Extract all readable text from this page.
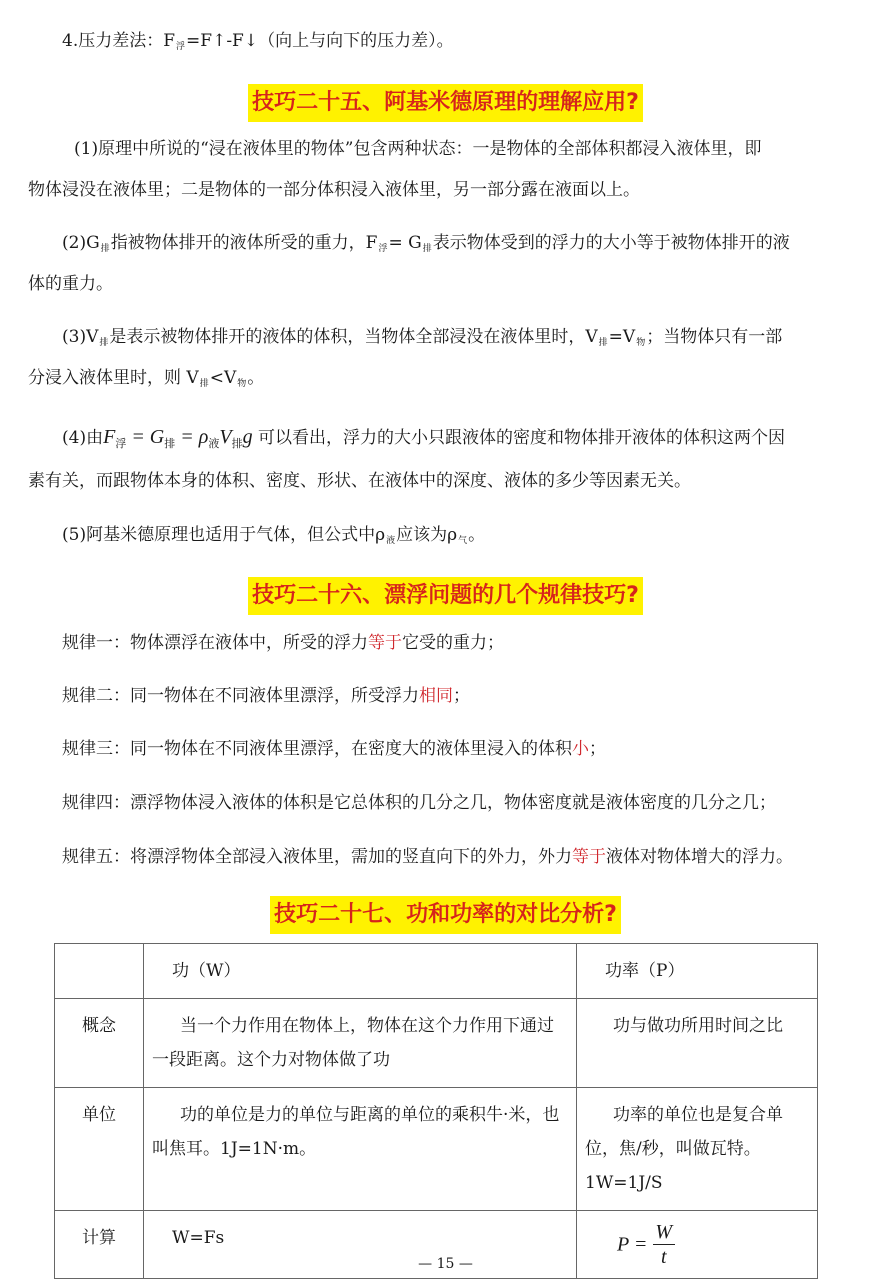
4.压力差法：$F_浮=F↑-F↓$（向上与向下的压力差）。
技巧二十五、阿基米德原理的理解应用?
(1)原理中所说的“浸在液体里的物体”包含两种状态：一是物体的全部体积都浸入液体里，即
物体浸没在液体里；二是物体的一部分体积浸入液体里，另一部分露在液面以上。
$(2)G_排$指被物体排开的液体所受的重力，$F_浮= G_排$表示物体受到的浮力的大小等于被物体排开的液
体的重力。
$(3)V_排$是表示被物体排开的液体的体积，当物体全部浸没在液体里时，$V_排=V_物$；当物体只有一部
分浸入液体里时，则 $V_排<V_物$。
(4)由$F_浮 = G_排 = \rho_液V_排g$ 可以看出，浮力的大小只跟液体的密度和物体排开液体的体积这两个因
素有关，而跟物体本身的体积、密度、形状、在液体中的深度、液体的多少等因素无关。
(5)阿基米德原理也适用于气体，但公式中$\rho_液$应该为$\rho_气$。
技巧二十六、漂浮问题的几个规律技巧?
规律一：物体漂浮在液体中，所受的浮力等于它受的重力；
规律二：同一物体在不同液体里漂浮，所受浮力相同；
规律三：同一物体在不同液体里漂浮，在密度大的液体里浸入的体积小；
规律四：漂浮物体浸入液体的体积是它总体积的几分之几，物体密度就是液体密度的几分之几；
规律五：将漂浮物体全部浸入液体里，需加的竖直向下的外力，外力等于液体对物体增大的浮力。
技巧二十七、功和功率的对比分析?
	功（W）	功率（P）
概念	当一个力作用在物体上，物体在这个力作用下通过一段距离。这个力对物体做了功	功与做功所用时间之比
单位	功的单位是力的单位与距离的单位的乘积牛·米，也叫焦耳。1J=1N·m。	功率的单位也是复合单位，焦/秒，叫做瓦特。1W=1J/S
计算	W=Fs	$P = \frac{W}{t}$
— 15 —
